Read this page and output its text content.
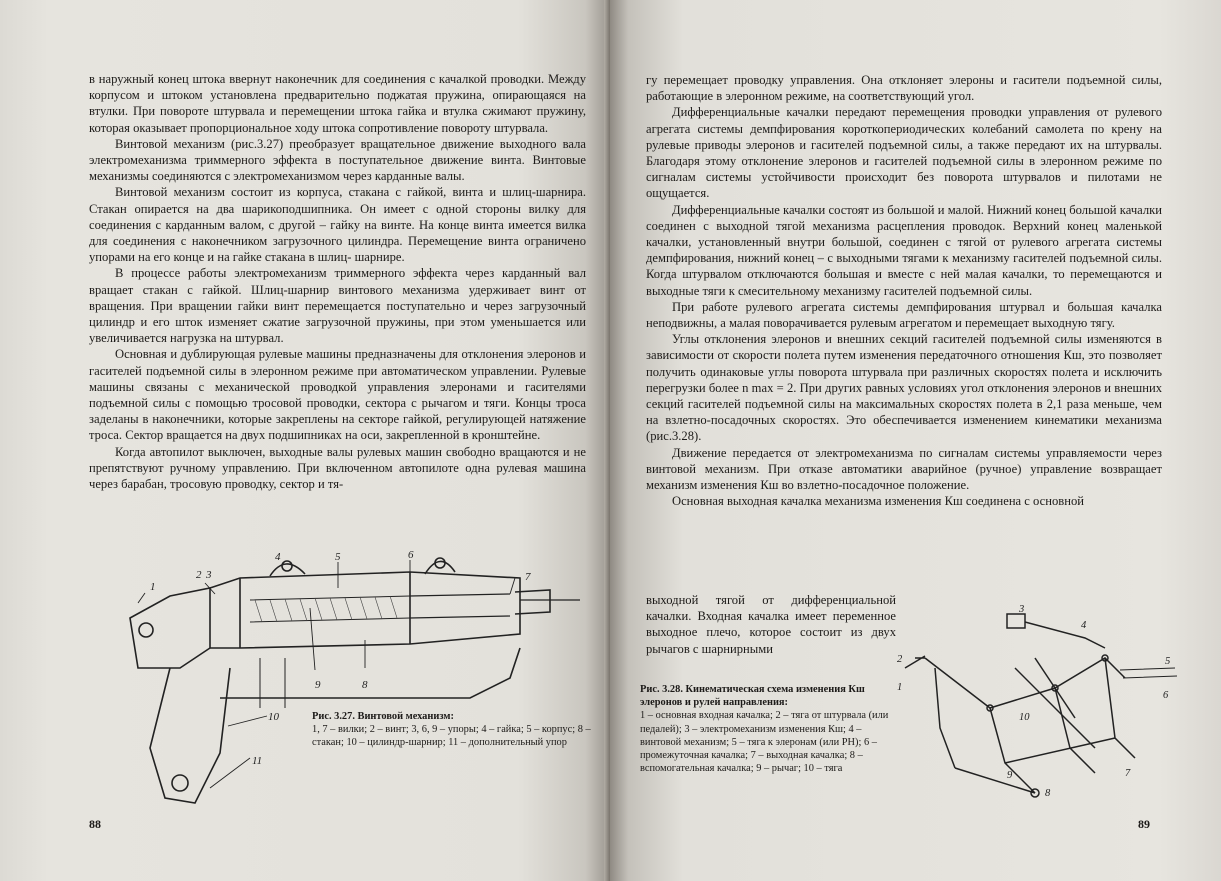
в наружный конец штока ввернут наконечник для соединения с качалкой проводки. Между корпусом и штоком установлена предварительно поджатая пружина, опирающаяся на втулки. При повороте штурвала и перемещении штока гайка и втулка сжимают пружину, которая оказывает пропорциональное ходу штока сопротивление повороту штурвала.

Винтовой механизм (рис.3.27) преобразует вращательное движение выходного вала электромеханизма триммерного эффекта в поступательное движение винта. Винтовые механизмы соединяются с электромеханизмом через карданные валы.

Винтовой механизм состоит из корпуса, стакана с гайкой, винта и шлиц-шарнира. Стакан опирается на два шарикоподшипника. Он имеет с одной стороны вилку для соединения с карданным валом, с другой – гайку на винте. На конце винта имеется вилка для соединения с наконечником загрузочного цилиндра. Перемещение винта ограничено упорами на его конце и на гайке стакана в шлиц- шарнире.

В процессе работы электромеханизм триммерного эффекта через карданный вал вращает стакан с гайкой. Шлиц-шарнир винтового механизма удерживает винт от вращения. При вращении гайки винт перемещается поступательно и через загрузочный цилиндр и его шток изменяет сжатие загрузочной пружины, при этом уменьшается или увеличивается нагрузка на штурвал.

Основная и дублирующая рулевые машины предназначены для отклонения элеронов и гасителей подъемной силы в элеронном режиме при автоматическом управлении. Рулевые машины связаны с механической проводкой управления элеронами и гасителями подъемной силы с помощью тросовой проводки, сектора с рычагом и тяги. Концы троса заделаны в наконечники, которые закреплены на секторе гайкой, регулирующей натяжение троса. Сектор вращается на двух подшипниках на оси, закрепленной в кронштейне.

Когда автопилот выключен, выходные валы рулевых машин свободно вращаются и не препятствуют ручному управлению. При включенном автопилоте одна рулевая машина через барабан, тросовую проводку, сектор и тя-

1
2 3
4	5	6
7
8
9
10
11
Рис. 3.27. Винтовой механизм:
1, 7 – вилки; 2 – винт; 3, 6, 9 – упоры; 4 – гайка; 5 – корпус; 8 – стакан; 10 – цилиндр-шарнир; 11 – дополнительный упор
88

гу перемещает проводку управления. Она отклоняет элероны и гасители подъемной силы, работающие в элеронном режиме, на соответствующий угол.

Дифференциальные качалки передают перемещения проводки управления от рулевого агрегата системы демпфирования короткопериодических колебаний самолета по крену на рулевые приводы элеронов и гасителей подъемной силы, а также передают их на штурвалы. Благодаря этому отклонение элеронов и гасителей подъемной силы в элеронном режиме по сигналам системы устойчивости происходит без поворота штурвалов и пилотами не ощущается.

Дифференциальные качалки состоят из большой и малой. Нижний конец большой качалки соединен с выходной тягой механизма расцепления проводок. Верхний конец маленькой качалки, установленный внутри большой, соединен с тягой от рулевого агрегата системы демпфирования, нижний конец – с выходными тягами к механизму гасителей подъемной силы. Когда штурвалом отключаются большая и вместе с ней малая качалки, то перемещаются и выходные тяги к смесительному механизму гасителей подъемной силы.

При работе рулевого агрегата системы демпфирования штурвал и большая качалка неподвижны, а малая поворачивается рулевым агрегатом и перемещает выходную тягу.

Углы отклонения элеронов и внешних секций гасителей подъемной силы изменяются в зависимости от скорости полета путем изменения передаточного отношения Кш, это позволяет получить одинаковые углы поворота штурвала при различных скоростях полета и исключить перегрузки более n max = 2. При других равных условиях угол отклонения элеронов и внешних секций гасителей подъемной силы на максимальных скоростях полета в 2,1 раза меньше, чем на взлетно-посадочных скоростях. Это обеспечивается изменением кинематики механизма (рис.3.28).

Движение передается от электромеханизма по сигналам системы управляемости через винтовой механизм. При отказе автоматики аварийное (ручное) управление возвращает механизм изменения Кш во взлетно-посадочное положение.

Основная выходная качалка механизма изменения Кш соединена с основной

выходной тягой от дифференциальной качалки. Входная качалка имеет переменное выходное плечо, которое состоит из двух рычагов с шарнирными
1
2
3
4
5
6
7
8
9
10
Рис. 3.28. Кинематическая схема изменения Кш элеронов и рулей направления:
1 – основная входная качалка; 2 – тяга от штурвала (или педалей); 3 – электромеханизм изменения Кш; 4 – винтовой механизм; 5 – тяга к элеронам (или РН); 6 – промежуточная качалка; 7 – выходная качалка; 8 – вспомогательная качалка; 9 – рычаг; 10 – тяга
89
